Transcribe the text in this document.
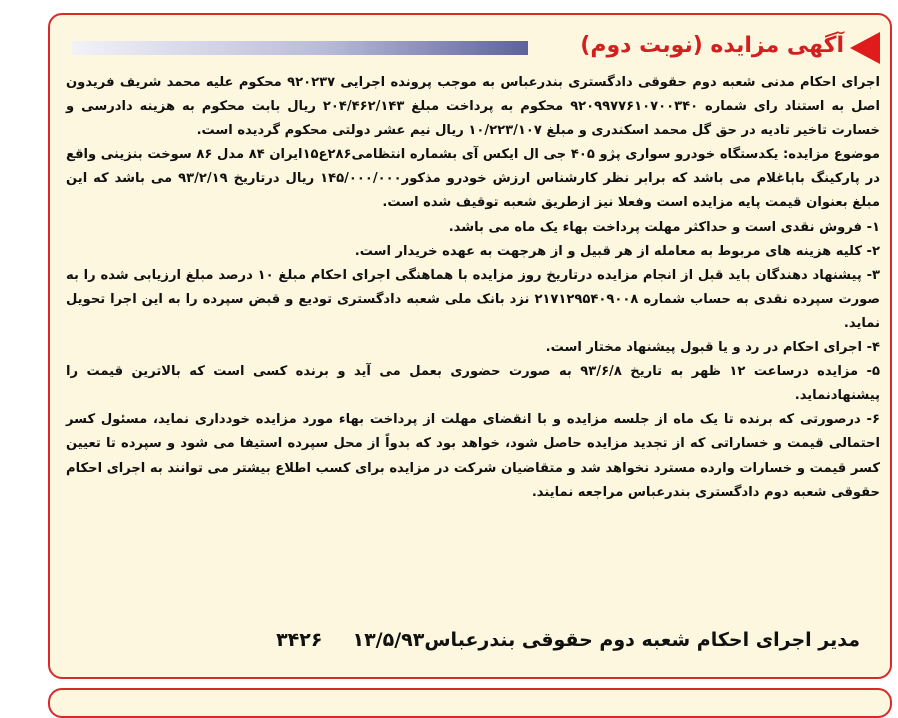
آگهی مزایده (نوبت دوم)

اجرای احکام مدنی شعبه دوم حقوقی دادگستری بندرعباس به موجب پرونده اجرایی ۹۲۰۲۳۷ محکوم علیه محمد شریف فریدون اصل به استناد رای شماره ۹۲۰۹۹۷۷۶۱۰۷۰۰۳۴۰ محکوم به پرداخت مبلغ ۲۰۴/۴۶۲/۱۴۳ ریال بابت محکوم به هزینه دادرسی و خسارت تاخیر تادیه در حق گل محمد اسکندری و مبلغ ۱۰/۲۲۳/۱۰۷ ریال نیم عشر دولتی محکوم گردیده است.

موضوع مزایده: یکدستگاه خودرو سواری پژو ۴۰۵ جی ال ایکس آی بشماره انتظامی۲۸۶ع۱۵ایران ۸۴ مدل ۸۶ سوخت بنزینی واقع در پارکینگ باباغلام می باشد که برابر نظر کارشناس ارزش خودرو مذکور۱۴۵/۰۰۰/۰۰۰ ریال درتاریخ ۹۳/۲/۱۹ می باشد که این مبلغ بعنوان قیمت پایه مزایده است وفعلا نیز ازطریق شعبه توقیف شده است.

۱- فروش نقدی است و حداکثر مهلت پرداخت بهاء یک ماه می باشد.

۲- کلیه هزینه های مربوط به معامله از هر قبیل و از هرجهت به عهده خریدار است.

۳- پیشنهاد دهندگان باید قبل از انجام مزایده درتاریخ روز مزایده با هماهنگی اجرای احکام مبلغ ۱۰ درصد مبلغ ارزیابی شده را به صورت سپرده نقدی به حساب شماره ۲۱۷۱۲۹۵۴۰۹۰۰۸ نزد بانک ملی شعبه دادگستری تودیع و قبض سپرده را به این اجرا تحویل نماید.

۴- اجرای احکام در رد و یا قبول پیشنهاد مختار است.

۵- مزایده درساعت ۱۲ ظهر به تاریخ ۹۳/۶/۸ به صورت حضوری بعمل می آید و برنده کسی است که بالاترین قیمت را پیشنهادنماید.

۶- درصورتی که برنده تا یک ماه از جلسه مزایده و با انقضای مهلت از پرداخت بهاء مورد مزایده خودداری نماید، مسئول کسر احتمالی قیمت و خساراتی که از تجدید مزایده حاصل شود، خواهد بود که بدواً از محل سپرده استیفا می شود و سپرده تا تعیین کسر قیمت و خسارات وارده مسترد نخواهد شد و متقاضیان شرکت در مزایده برای کسب اطلاع بیشتر می توانند به اجرای احکام حقوقی شعبه دوم دادگستری بندرعباس مراجعه نمایند.

مدیر اجرای احکام شعبه دوم حقوقی بندرعباس۱۳/۵/۹۳۳۴۲۶
